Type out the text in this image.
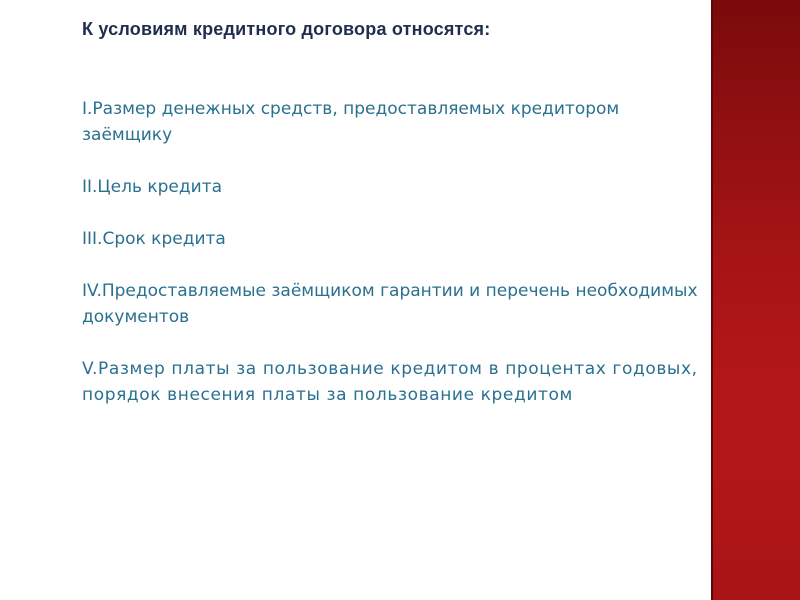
К условиям кредитного договора относятся:
I.Размер денежных средств, предоставляемых кредитором заёмщику
II.Цель кредита
III.Срок кредита
IV.Предоставляемые заёмщиком гарантии и перечень необходимых документов
V.Размер платы за пользование кредитом в процентах годовых, порядок внесения платы за пользование кредитом
